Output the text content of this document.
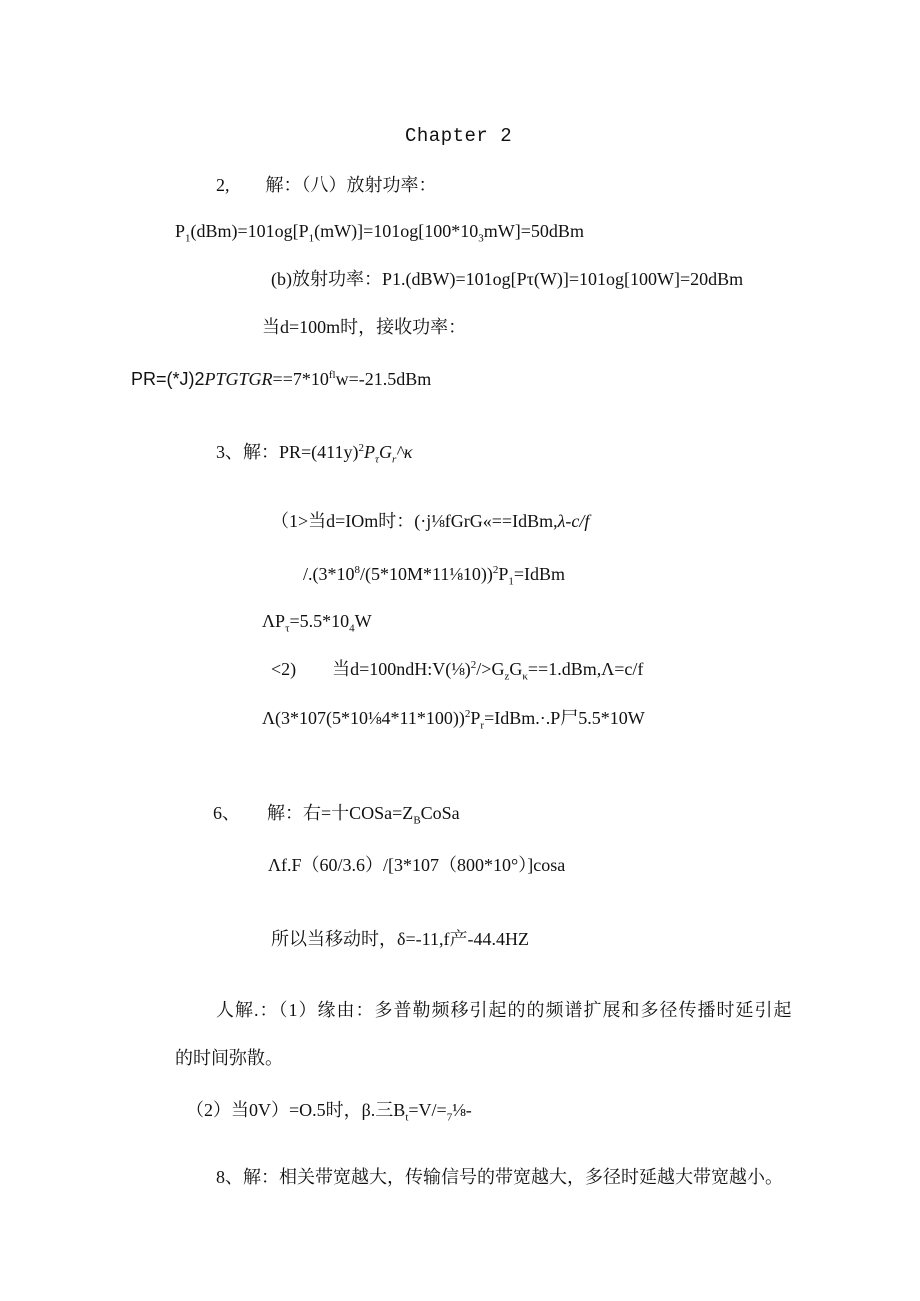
Chapter 2
2,　　解：（八）放射功率：
$P_1(dBm)=101og[P_1(mW)]=101og[100*10_3mW]=50dBm$
(b)放射功率：P1.(dBW)=101og[Pτ(W)]=101og[100W]=20dBm
当d=100m时，接收功率：
$PR=(*J)2PTGTGR==7*10^{fl}w=-21.5dBm$
3、解：$PR=(411y)^2P_\tau G_r\^{}\kappa$
（1>当d=IOm时：(·j⅛fGrG«==IdBm,λ-c/f
$/.(3*10^8/(5*10M*11\frac{1}{8}10))^2P_1=IdBm$
$\Lambda P_\tau=5.5*10_4W$
<2)　　当$d=100ndH:V(\frac{1}{8})^2/>G_zG_\kappa==1.dBm,\Lambda=c/f$
$\Lambda(3*107(5*10\frac{1}{8}4*11*100))^2P_r=IdBm.\cdot.P$尸5.5*10W
6、　　解：右=十$COSa=Z_BCoSa$
Λf.F（60/3.6）/[3*107（800*10°）]cosa
所以当移动时，δ=-11,f产-44.4HZ
人解.：（1）缘由：多普勒频移引起的的频谱扩展和多径传播时延引起
的时间弥散。
（2）当0V）=O.5时，β.三$B_t=V/=_7\frac{1}{8}-$
8、解：相关带宽越大，传输信号的带宽越大，多径时延越大带宽越小。
